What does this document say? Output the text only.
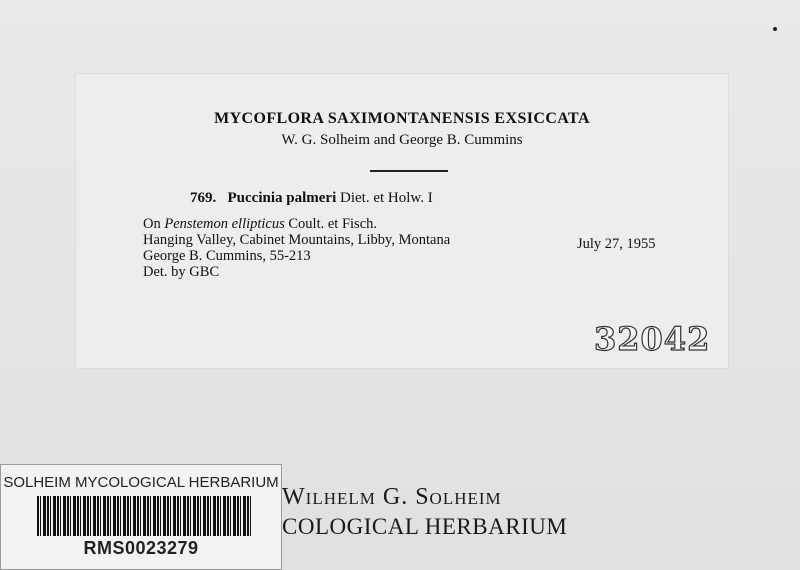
MYCOFLORA SAXIMONTANENSIS EXSICCATA
W. G. Solheim and George B. Cummins
769. Puccinia palmeri Diet. et Holw. I
On Penstemon ellipticus Coult. et Fisch.
Hanging Valley, Cabinet Mountains, Libby, Montana
George B. Cummins, 55-213
Det. by GBC
July 27, 1955
32042
SOLHEIM MYCOLOGICAL HERBARIUM
RMS0023279
Wilhelm G. Solheim
COLOGICAL HERBARIUM
